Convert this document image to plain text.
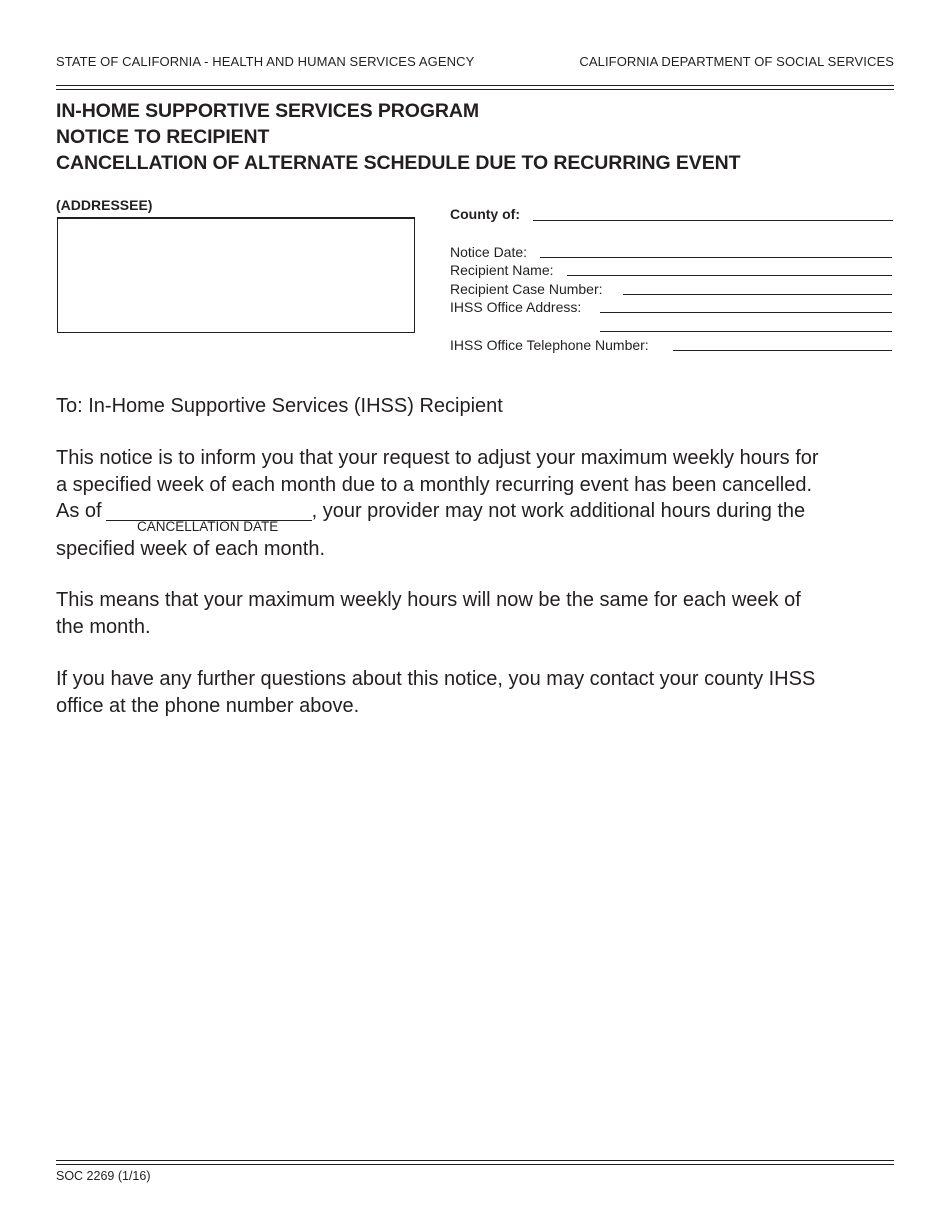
STATE OF CALIFORNIA - HEALTH AND HUMAN SERVICES AGENCY	CALIFORNIA DEPARTMENT OF SOCIAL SERVICES
IN-HOME SUPPORTIVE SERVICES PROGRAM
NOTICE TO RECIPIENT
CANCELLATION OF ALTERNATE SCHEDULE DUE TO RECURRING EVENT
(ADDRESSEE)
County of:
Notice Date:
Recipient Name:
Recipient Case Number:
IHSS Office Address:
IHSS Office Telephone Number:
To: In-Home Supportive Services (IHSS) Recipient
This notice is to inform you that your request to adjust your maximum weekly hours for
a specified week of each month due to a monthly recurring event has been cancelled.
As of	, your provider may not work additional hours during the
CANCELLATION DATE
specified week of each month.
This means that your maximum weekly hours will now be the same for each week of
the month.
If you have any further questions about this notice, you may contact your county IHSS
office at the phone number above.
SOC 2269 (1/16)
